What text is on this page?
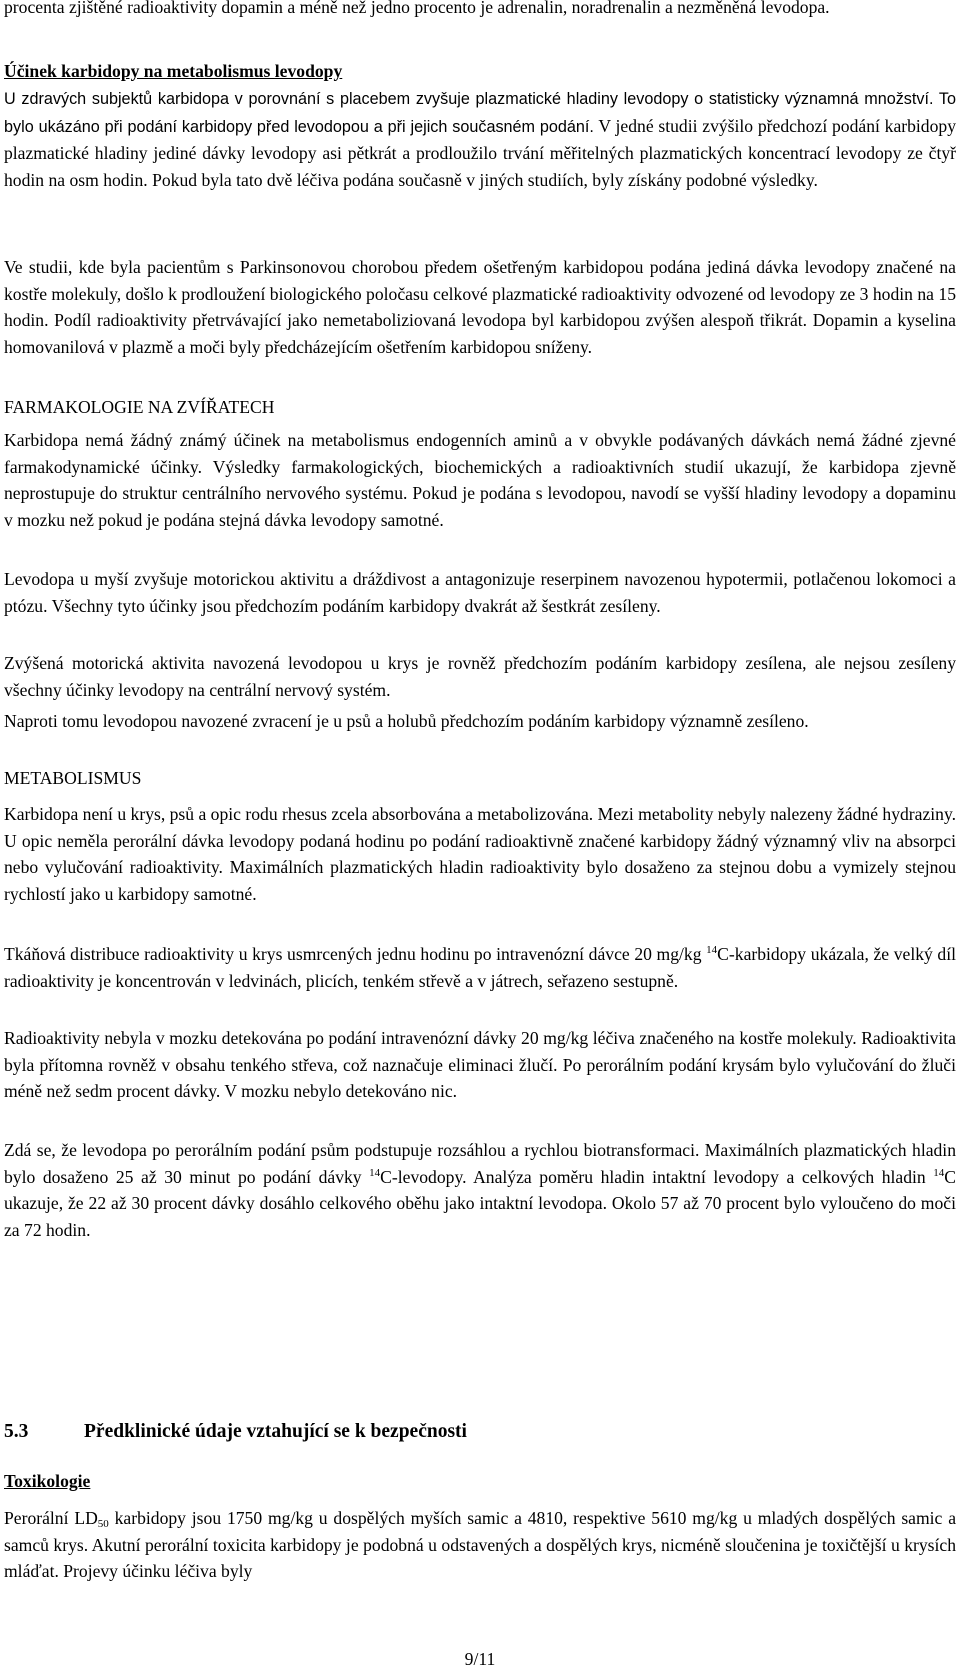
procenta zjištěné radioaktivity dopamin a méně než jedno procento je adrenalin, noradrenalin a nezměněná levodopa.

Účinek karbidopy na metabolismus levodopy

U zdravých subjektů karbidopa v porovnání s placebem zvyšuje plazmatické hladiny levodopy o statisticky významná množství. To bylo ukázáno při podání karbidopy před levodopou a při jejich současném podání. V jedné studii zvýšilo předchozí podání karbidopy plazmatické hladiny jediné dávky levodopy asi pětkrát a prodloužilo trvání měřitelných plazmatických koncentrací levodopy ze čtyř hodin na osm hodin. Pokud byla tato dvě léčiva podána současně v jiných studiích, byly získány podobné výsledky.

Ve studii, kde byla pacientům s Parkinsonovou chorobou předem ošetřeným karbidopou podána jediná dávka levodopy značené na kostře molekuly, došlo k prodloužení biologického poločasu celkové plazmatické radioaktivity odvozené od levodopy ze 3 hodin na 15 hodin. Podíl radioaktivity přetrvávající jako nemetaboliziovaná levodopa byl karbidopou zvýšen alespoň třikrát. Dopamin a kyselina homovanilová v plazmě a moči byly předcházejícím ošetřením karbidopou sníženy.

FARMAKOLOGIE NA ZVÍŘATECH

Karbidopa nemá žádný známý účinek na metabolismus endogenních aminů a v obvykle podávaných dávkách nemá žádné zjevné farmakodynamické účinky. Výsledky farmakologických, biochemických a radioaktivních studií ukazují, že karbidopa zjevně neprostupuje do struktur centrálního nervového systému. Pokud je podána s levodopou, navodí se vyšší hladiny levodopy a dopaminu v mozku než pokud je podána stejná dávka levodopy samotné.

Levodopa u myší zvyšuje motorickou aktivitu a dráždivost a antagonizuje reserpinem navozenou hypotermii, potlačenou lokomoci a ptózu. Všechny tyto účinky jsou předchozím podáním karbidopy dvakrát až šestkrát zesíleny.

Zvýšená motorická aktivita navozená levodopou u krys je rovněž předchozím podáním karbidopy zesílena, ale nejsou zesíleny všechny účinky levodopy na centrální nervový systém.

Naproti tomu levodopou navozené zvracení je u psů a holubů předchozím podáním karbidopy významně zesíleno.

METABOLISMUS

Karbidopa není u krys, psů a opic rodu rhesus zcela absorbována a metabolizována. Mezi metabolity nebyly nalezeny žádné hydraziny. U opic neměla perorální dávka levodopy podaná hodinu po podání radioaktivně značené karbidopy žádný významný vliv na absorpci nebo vylučování radioaktivity. Maximálních plazmatických hladin radioaktivity bylo dosaženo za stejnou dobu a vymizely stejnou rychlostí jako u karbidopy samotné.

Tkáňová distribuce radioaktivity u krys usmrcených jednu hodinu po intravenózní dávce 20 mg/kg $^{14}$C-karbidopy ukázala, že velký díl radioaktivity je koncentrován v ledvinách, plicích, tenkém střevě a v játrech, seřazeno sestupně.

Radioaktivity nebyla v mozku detekována po podání intravenózní dávky 20 mg/kg léčiva značeného na kostře molekuly. Radioaktivita byla přítomna rovněž v obsahu tenkého střeva, což naznačuje eliminaci žlučí. Po perorálním podání krysám bylo vylučování do žluči méně než sedm procent dávky. V mozku nebylo detekováno nic.

Zdá se, že levodopa po perorálním podání psům podstupuje rozsáhlou a rychlou biotransformaci. Maximálních plazmatických hladin bylo dosaženo 25 až 30 minut po podání dávky $^{14}$C-levodopy. Analýza poměru hladin intaktní levodopy a celkových hladin $^{14}$C ukazuje, že 22 až 30 procent dávky dosáhlo celkového oběhu jako intaktní levodopa. Okolo 57 až 70 procent bylo vyloučeno do moči za 72 hodin.

5.3	Předklinické údaje vztahující se k bezpečnosti

Toxikologie

Perorální $LD_{50}$ karbidopy jsou 1750 mg/kg u dospělých myších samic a 4810, respektive 5610 mg/kg u mladých dospělých samic a samců krys. Akutní perorální toxicita karbidopy je podobná u odstavených a dospělých krys, nicméně sloučenina je toxičtější u krysích mláďat. Projevy účinku léčiva byly

9/11
